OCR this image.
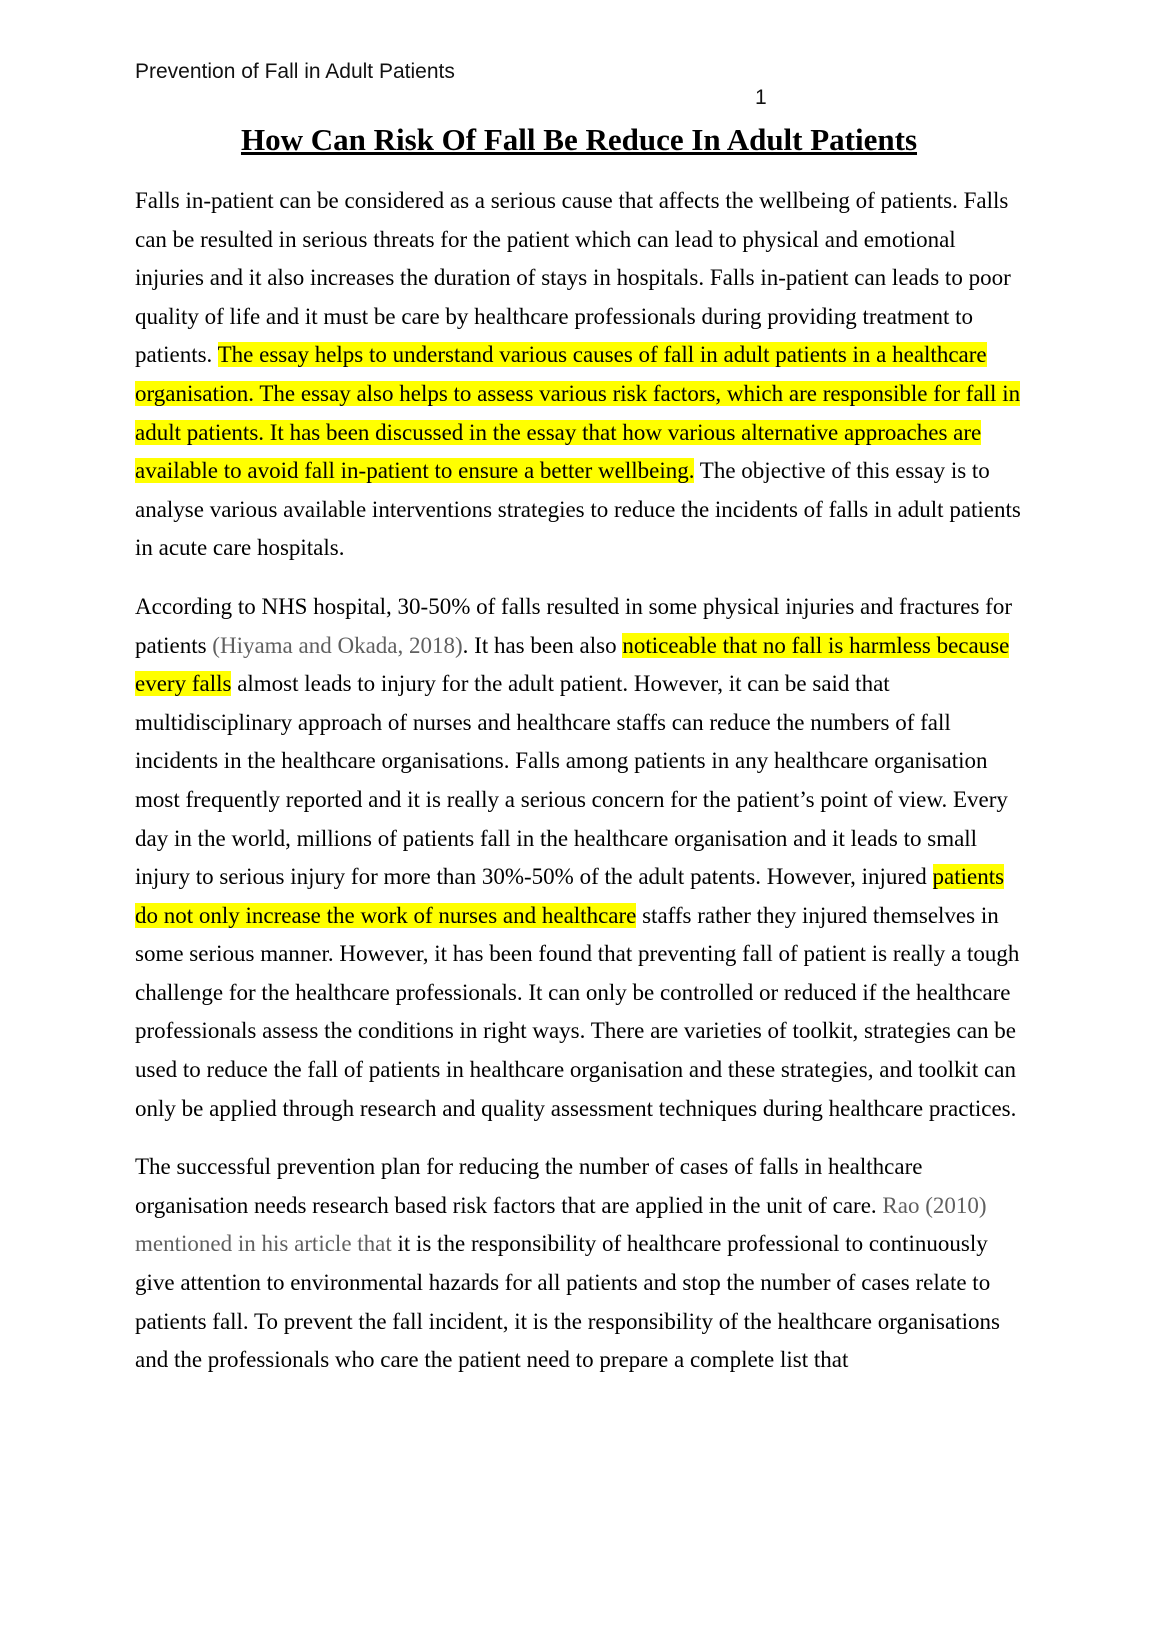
Prevention of Fall in Adult Patients
1
How Can Risk Of Fall Be Reduce In Adult Patients

Falls in-patient can be considered as a serious cause that affects the wellbeing of patients. Falls can be resulted in serious threats for the patient which can lead to physical and emotional injuries and it also increases the duration of stays in hospitals. Falls in-patient can leads to poor quality of life and it must be care by healthcare professionals during providing treatment to patients. The essay helps to understand various causes of fall in adult patients in a healthcare organisation. The essay also helps to assess various risk factors, which are responsible for fall in adult patients. It has been discussed in the essay that how various alternative approaches are available to avoid fall in-patient to ensure a better wellbeing. The objective of this essay is to analyse various available interventions strategies to reduce the incidents of falls in adult patients in acute care hospitals.

According to NHS hospital, 30-50% of falls resulted in some physical injuries and fractures for patients (Hiyama and Okada, 2018). It has been also noticeable that no fall is harmless because every falls almost leads to injury for the adult patient. However, it can be said that multidisciplinary approach of nurses and healthcare staffs can reduce the numbers of fall incidents in the healthcare organisations. Falls among patients in any healthcare organisation most frequently reported and it is really a serious concern for the patient’s point of view. Every day in the world, millions of patients fall in the healthcare organisation and it leads to small injury to serious injury for more than 30%-50% of the adult patents. However, injured patients do not only increase the work of nurses and healthcare staffs rather they injured themselves in some serious manner. However, it has been found that preventing fall of patient is really a tough challenge for the healthcare professionals. It can only be controlled or reduced if the healthcare professionals assess the conditions in right ways. There are varieties of toolkit, strategies can be used to reduce the fall of patients in healthcare organisation and these strategies, and toolkit can only be applied through research and quality assessment techniques during healthcare practices.

The successful prevention plan for reducing the number of cases of falls in healthcare organisation needs research based risk factors that are applied in the unit of care. Rao (2010) mentioned in his article that it is the responsibility of healthcare professional to continuously give attention to environmental hazards for all patients and stop the number of cases relate to patients fall. To prevent the fall incident, it is the responsibility of the healthcare organisations and the professionals who care the patient need to prepare a complete list that
